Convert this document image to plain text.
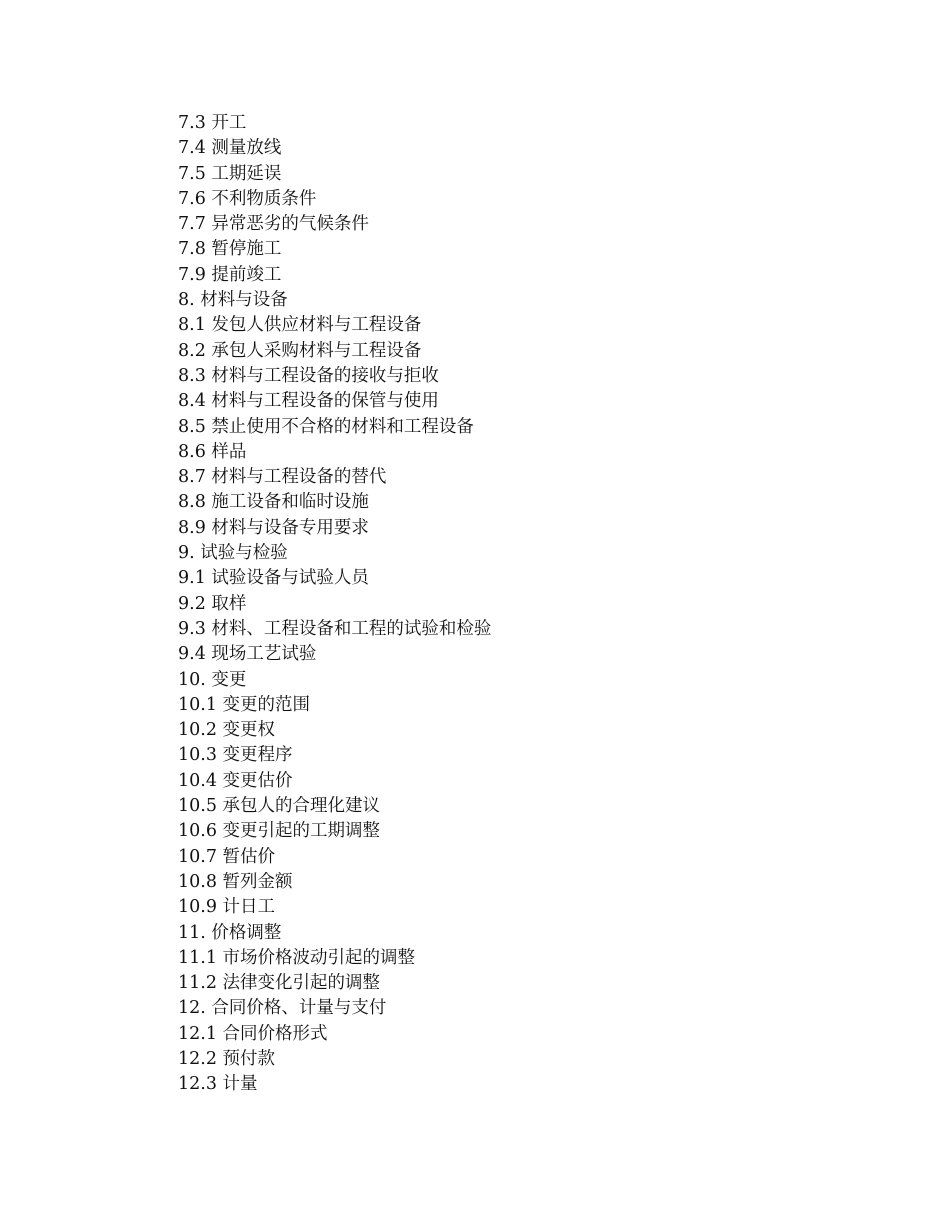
7.3 开工
7.4 测量放线
7.5 工期延误
7.6 不利物质条件
7.7 异常恶劣的气候条件
7.8 暂停施工
7.9 提前竣工
8. 材料与设备
8.1 发包人供应材料与工程设备
8.2 承包人采购材料与工程设备
8.3 材料与工程设备的接收与拒收
8.4 材料与工程设备的保管与使用
8.5 禁止使用不合格的材料和工程设备
8.6 样品
8.7 材料与工程设备的替代
8.8 施工设备和临时设施
8.9 材料与设备专用要求
9. 试验与检验
9.1 试验设备与试验人员
9.2 取样
9.3 材料、工程设备和工程的试验和检验
9.4 现场工艺试验
10. 变更
10.1 变更的范围
10.2 变更权
10.3 变更程序
10.4 变更估价
10.5 承包人的合理化建议
10.6 变更引起的工期调整
10.7 暂估价
10.8 暂列金额
10.9 计日工
11. 价格调整
11.1 市场价格波动引起的调整
11.2 法律变化引起的调整
12. 合同价格、计量与支付
12.1 合同价格形式
12.2 预付款
12.3 计量
